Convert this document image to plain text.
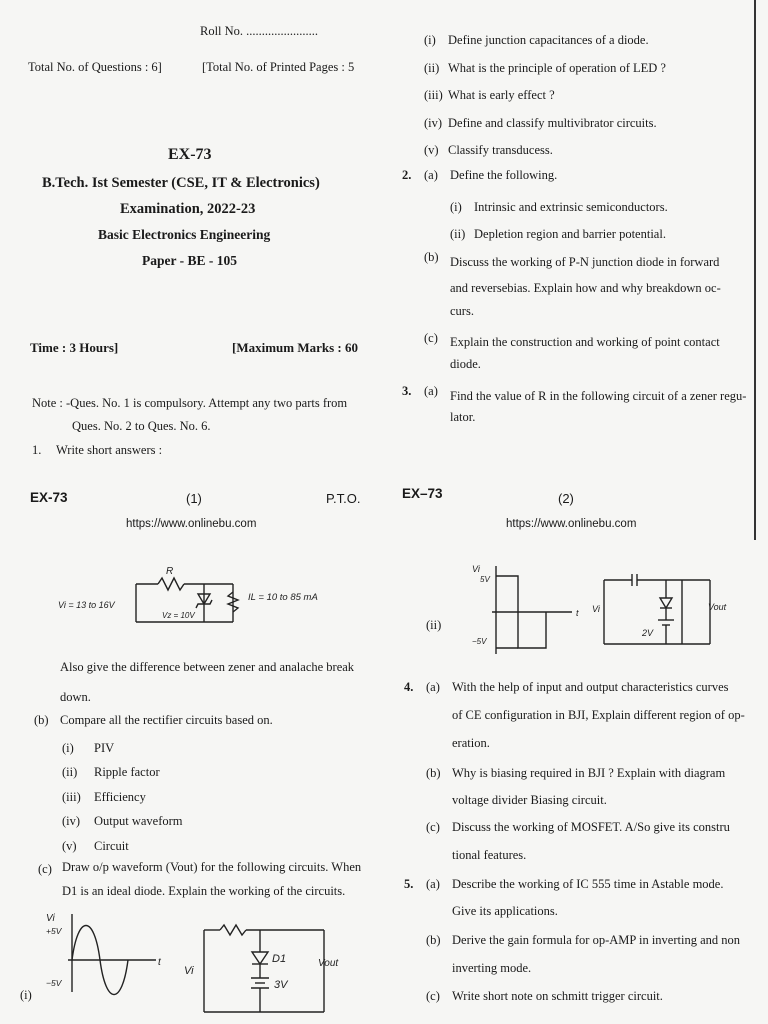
Roll No. .......................
Total No. of Questions : 6]	[Total No. of Printed Pages : 5
EX-73
B.Tech. Ist Semester (CSE, IT & Electronics)
Examination, 2022-23
Basic Electronics Engineering
Paper - BE - 105
Time : 3 Hours]	[Maximum Marks : 60
Note : -Ques. No. 1 is compulsory. Attempt any two parts from
Ques. No. 2 to Ques. No. 6.
1. Write short answers :
EX-73	(1)	P.T.O.
https://www.onlinebu.com
(i) Define junction capacitances of a diode.
(ii) What is the principle of operation of LED ?
(iii) What is early effect ?
(iv) Define and classify multivibrator circuits.
(v) Classify transducess.
2. (a) Define the following.
(i) Intrinsic and extrinsic semiconductors.
(ii) Depletion region and barrier potential.
(b) Discuss the working of P-N junction diode in forward
and reversebias. Explain how and why breakdown oc-
curs.
(c) Explain the construction and working of point contact
diode.
3. (a) Find the value of R in the following circuit of a zener regu-
lator.
EX–73	(2)
https://www.onlinebu.com
Vi = 13 to 16V
R
Vz = 10V
IL = 10 to 85 mA
Also give the difference between zener and analache break
down.
(b) Compare all the rectifier circuits based on.
(i) PIV
(ii) Ripple factor
(iii) Efficiency
(iv) Output waveform
(v) Circuit
(c) Draw o/p waveform (Vout) for the following circuits. When
D1 is an ideal diode. Explain the working of the circuits.
Vi
+5V
−5V
t
(i)
Vi
D1
3V
Vout
Vi
5V
−5V
t
(ii)
Vi
2V
Vout
4. (a) With the help of input and output characteristics curves
of CE configuration in BJI, Explain different region of op-
eration.
(b) Why is biasing required in BJI ? Explain with diagram
voltage divider Biasing circuit.
(c) Discuss the working of MOSFET. A/So give its constru
tional features.
5. (a) Describe the working of IC 555 time in Astable mode.
Give its applications.
(b) Derive the gain formula for op-AMP in inverting and non
inverting mode.
(c) Write short note on schmitt trigger circuit.
